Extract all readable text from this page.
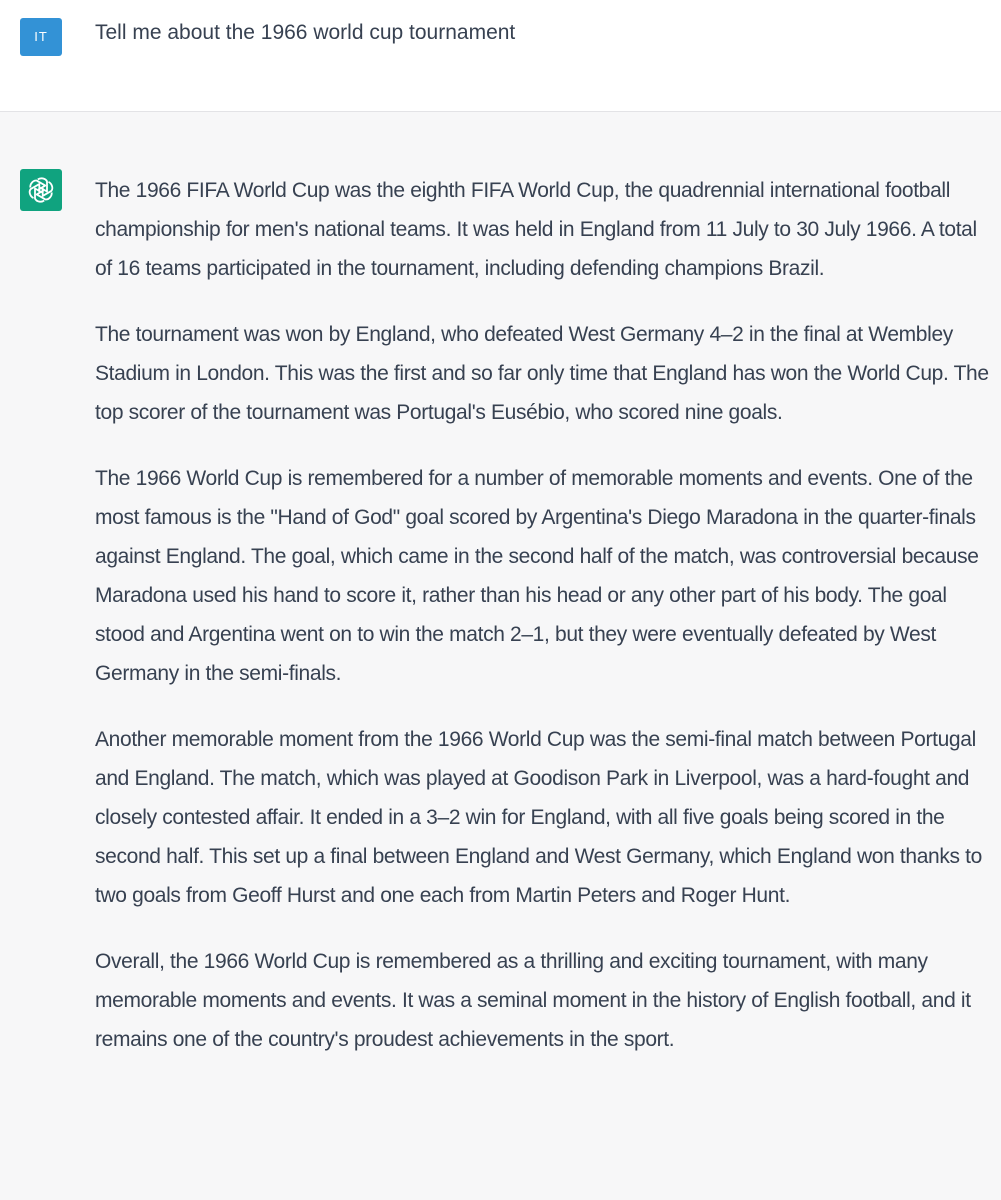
IT	Tell me about the 1966 world cup tournament

The 1966 FIFA World Cup was the eighth FIFA World Cup, the quadrennial international football championship for men's national teams. It was held in England from 11 July to 30 July 1966. A total of 16 teams participated in the tournament, including defending champions Brazil.

The tournament was won by England, who defeated West Germany 4–2 in the final at Wembley Stadium in London. This was the first and so far only time that England has won the World Cup. The top scorer of the tournament was Portugal's Eusébio, who scored nine goals.

The 1966 World Cup is remembered for a number of memorable moments and events. One of the most famous is the "Hand of God" goal scored by Argentina's Diego Maradona in the quarter-finals against England. The goal, which came in the second half of the match, was controversial because Maradona used his hand to score it, rather than his head or any other part of his body. The goal stood and Argentina went on to win the match 2–1, but they were eventually defeated by West Germany in the semi-finals.

Another memorable moment from the 1966 World Cup was the semi-final match between Portugal and England. The match, which was played at Goodison Park in Liverpool, was a hard-fought and closely contested affair. It ended in a 3–2 win for England, with all five goals being scored in the second half. This set up a final between England and West Germany, which England won thanks to two goals from Geoff Hurst and one each from Martin Peters and Roger Hunt.

Overall, the 1966 World Cup is remembered as a thrilling and exciting tournament, with many memorable moments and events. It was a seminal moment in the history of English football, and it remains one of the country's proudest achievements in the sport.
